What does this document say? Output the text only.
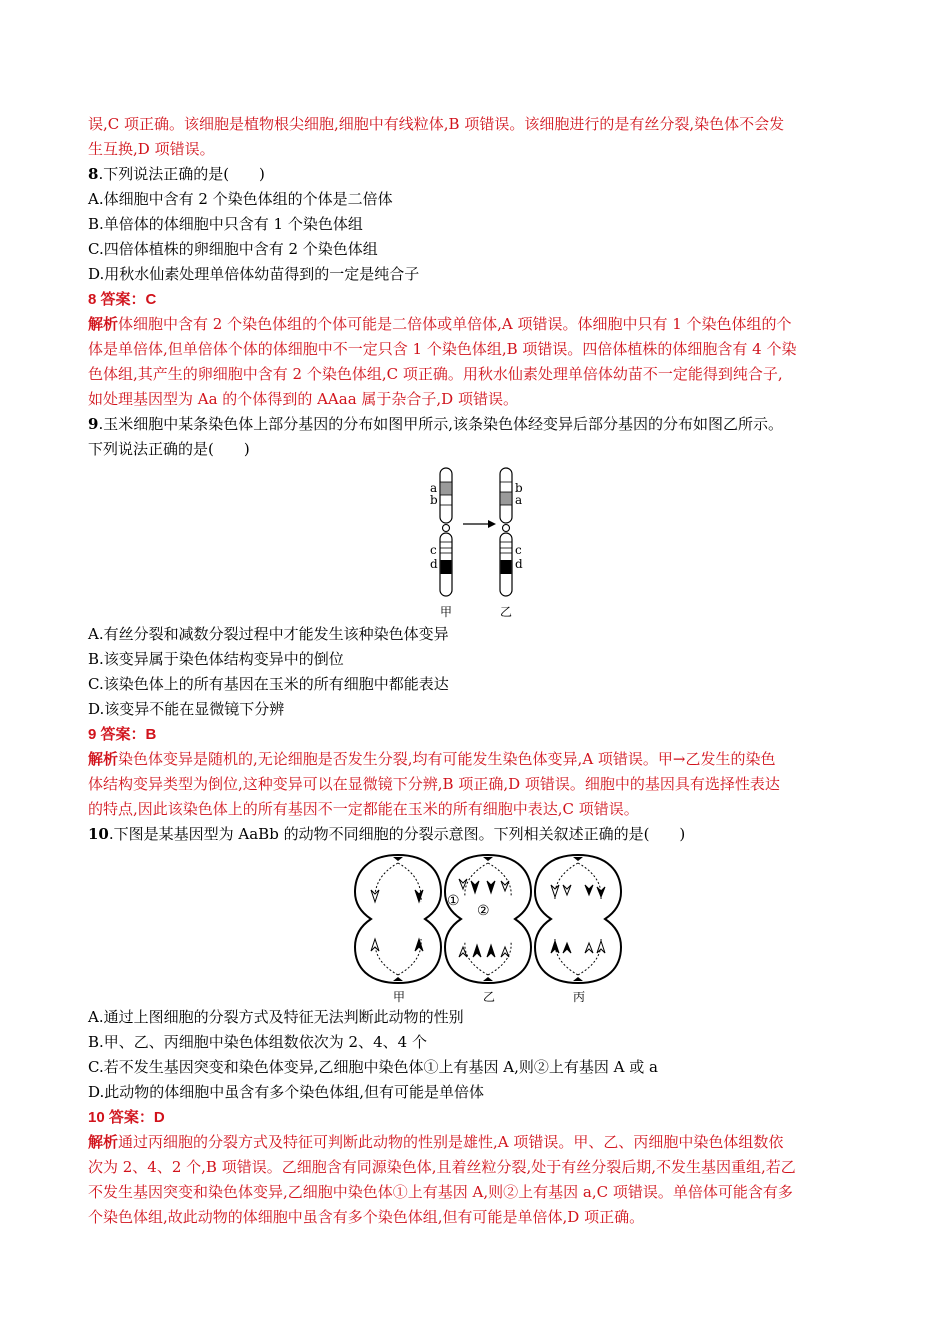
误,C 项正确。该细胞是植物根尖细胞,细胞中有线粒体,B 项错误。该细胞进行的是有丝分裂,染色体不会发
生互换,D 项错误。
8.下列说法正确的是(　　)
A.体细胞中含有 2 个染色体组的个体是二倍体
B.单倍体的体细胞中只含有 1 个染色体组
C.四倍体植株的卵细胞中含有 2 个染色体组
D.用秋水仙素处理单倍体幼苗得到的一定是纯合子
8 答案：C
解析体细胞中含有 2 个染色体组的个体可能是二倍体或单倍体,A 项错误。体细胞中只有 1 个染色体组的个
体是单倍体,但单倍体个体的体细胞中不一定只含 1 个染色体组,B 项错误。四倍体植株的体细胞含有 4 个染
色体组,其产生的卵细胞中含有 2 个染色体组,C 项正确。用秋水仙素处理单倍体幼苗不一定能得到纯合子,
如处理基因型为 Aa 的个体得到的 AAaa 属于杂合子,D 项错误。
9.玉米细胞中某条染色体上部分基因的分布如图甲所示,该条染色体经变异后部分基因的分布如图乙所示。
下列说法正确的是(　　)
a
b
c
d
b
a
c
d
甲	乙
A.有丝分裂和减数分裂过程中才能发生该种染色体变异
B.该变异属于染色体结构变异中的倒位
C.该染色体上的所有基因在玉米的所有细胞中都能表达
D.该变异不能在显微镜下分辨
9 答案：B
解析染色体变异是随机的,无论细胞是否发生分裂,均有可能发生染色体变异,A 项错误。甲→乙发生的染色
体结构变异类型为倒位,这种变异可以在显微镜下分辨,B 项正确,D 项错误。细胞中的基因具有选择性表达
的特点,因此该染色体上的所有基因不一定都能在玉米的所有细胞中表达,C 项错误。
10.下图是某基因型为 AaBb 的动物不同细胞的分裂示意图。下列相关叙述正确的是(　　)
①
②
甲	乙	丙
A.通过上图细胞的分裂方式及特征无法判断此动物的性别
B.甲、乙、丙细胞中染色体组数依次为 2、4、4 个
C.若不发生基因突变和染色体变异,乙细胞中染色体①上有基因 A,则②上有基因 A 或 a
D.此动物的体细胞中虽含有多个染色体组,但有可能是单倍体
10 答案：D
解析通过丙细胞的分裂方式及特征可判断此动物的性别是雄性,A 项错误。甲、乙、丙细胞中染色体组数依
次为 2、4、2 个,B 项错误。乙细胞含有同源染色体,且着丝粒分裂,处于有丝分裂后期,不发生基因重组,若乙
不发生基因突变和染色体变异,乙细胞中染色体①上有基因 A,则②上有基因 a,C 项错误。单倍体可能含有多
个染色体组,故此动物的体细胞中虽含有多个染色体组,但有可能是单倍体,D 项正确。
